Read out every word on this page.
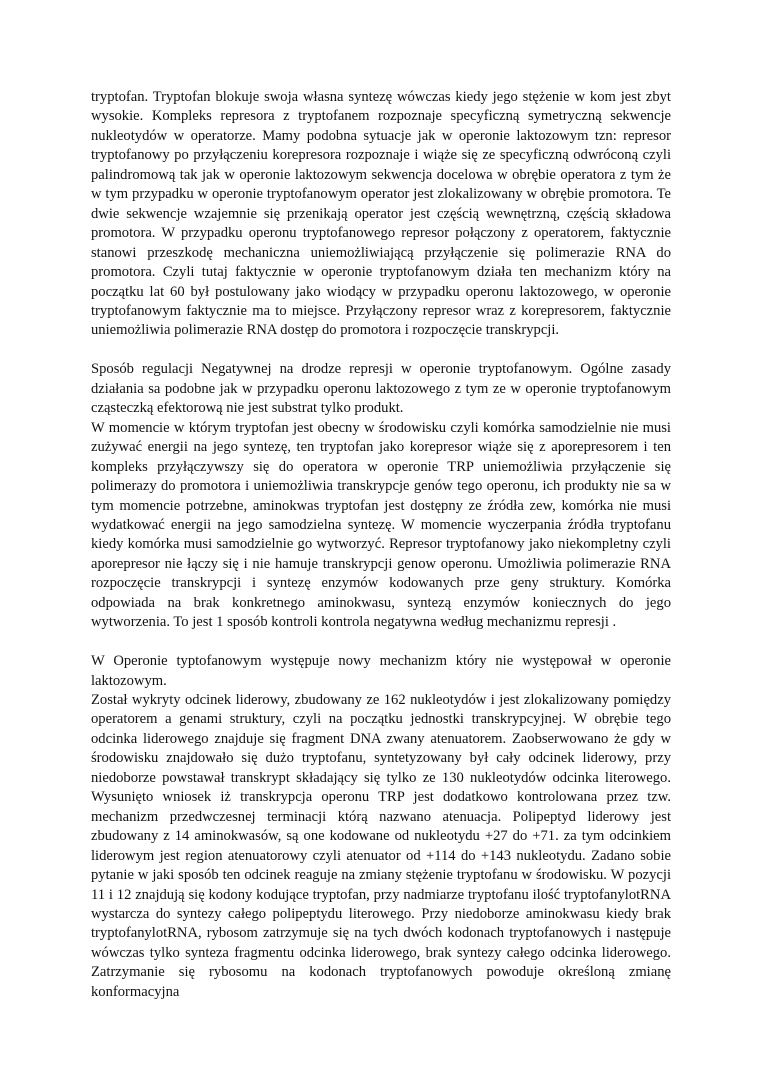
tryptofan. Tryptofan blokuje swoja własna syntezę wówczas kiedy jego stężenie w kom jest zbyt wysokie. Kompleks represora z tryptofanem rozpoznaje specyficzną symetryczną sekwencje nukleotydów w operatorze. Mamy podobna sytuacje jak w operonie laktozowym tzn: represor tryptofanowy po przyłączeniu korepresora rozpoznaje i wiąże się ze specyficzną odwróconą czyli palindromową tak jak w operonie laktozowym sekwencja docelowa w obrębie operatora z tym że w tym przypadku w operonie tryptofanowym operator jest zlokalizowany w obrębie promotora. Te dwie sekwencje wzajemnie się przenikają operator jest częścią wewnętrzną, częścią składowa promotora. W przypadku operonu tryptofanowego represor połączony z operatorem, faktycznie stanowi przeszkodę mechaniczna uniemożliwiającą przyłączenie się polimerazie RNA do promotora. Czyli tutaj faktycznie w operonie tryptofanowym działa ten mechanizm który na początku lat 60 był postulowany jako wiodący w przypadku operonu laktozowego, w operonie tryptofanowym faktycznie ma to miejsce. Przyłączony represor wraz z korepresorem, faktycznie uniemożliwia polimerazie RNA dostęp do promotora i rozpoczęcie transkrypcji.

Sposób regulacji Negatywnej na drodze represji w operonie tryptofanowym. Ogólne zasady działania sa podobne jak w przypadku operonu laktozowego z tym ze w operonie tryptofanowym cząsteczką efektorową nie jest substrat tylko produkt.

W momencie w którym tryptofan jest obecny w środowisku czyli komórka samodzielnie nie musi zużywać energii na jego syntezę, ten tryptofan jako korepresor wiąże się z aporepresorem i ten kompleks przyłączywszy się do operatora w operonie TRP uniemożliwia przyłączenie się polimerazy do promotora i uniemożliwia transkrypcje genów tego operonu, ich produkty nie sa w tym momencie potrzebne, aminokwas tryptofan jest dostępny ze źródła zew, komórka nie musi wydatkować energii na jego samodzielna syntezę. W momencie wyczerpania źródła tryptofanu kiedy komórka musi samodzielnie go wytworzyć. Represor tryptofanowy jako niekompletny czyli aporepresor nie łączy się i nie hamuje transkrypcji genow operonu. Umożliwia polimerazie RNA rozpoczęcie transkrypcji i syntezę enzymów kodowanych prze geny struktury. Komórka odpowiada na brak konkretnego aminokwasu, syntezą enzymów koniecznych do jego wytworzenia. To jest 1 sposób kontroli kontrola negatywna według mechanizmu represji .

W Operonie typtofanowym występuje nowy mechanizm który nie występował w operonie laktozowym.

Został wykryty odcinek liderowy, zbudowany ze 162 nukleotydów i jest zlokalizowany pomiędzy operatorem a genami struktury, czyli na początku jednostki transkrypcyjnej. W obrębie tego odcinka liderowego znajduje się fragment DNA zwany atenuatorem. Zaobserwowano że gdy w środowisku znajdowało się dużo tryptofanu, syntetyzowany był cały odcinek liderowy, przy niedoborze powstawał transkrypt składający się tylko ze 130 nukleotydów odcinka literowego. Wysunięto wniosek iż transkrypcja operonu TRP jest dodatkowo kontrolowana przez tzw. mechanizm przedwczesnej terminacji którą nazwano atenuacja. Polipeptyd liderowy jest zbudowany z 14 aminokwasów, są one kodowane od nukleotydu +27 do +71. za tym odcinkiem liderowym jest region atenuatorowy czyli atenuator od +114 do +143 nukleotydu. Zadano sobie pytanie w jaki sposób ten odcinek reaguje na zmiany stężenie tryptofanu w środowisku. W pozycji 11 i 12 znajdują się kodony kodujące tryptofan, przy nadmiarze tryptofanu ilość tryptofanylotRNA wystarcza do syntezy całego polipeptydu literowego. Przy niedoborze aminokwasu kiedy brak tryptofanylotRNA, rybosom zatrzymuje się na tych dwóch kodonach tryptofanowych i następuje wówczas tylko synteza fragmentu odcinka liderowego, brak syntezy całego odcinka liderowego. Zatrzymanie się rybosomu na kodonach tryptofanowych powoduje określoną zmianę konformacyjna
